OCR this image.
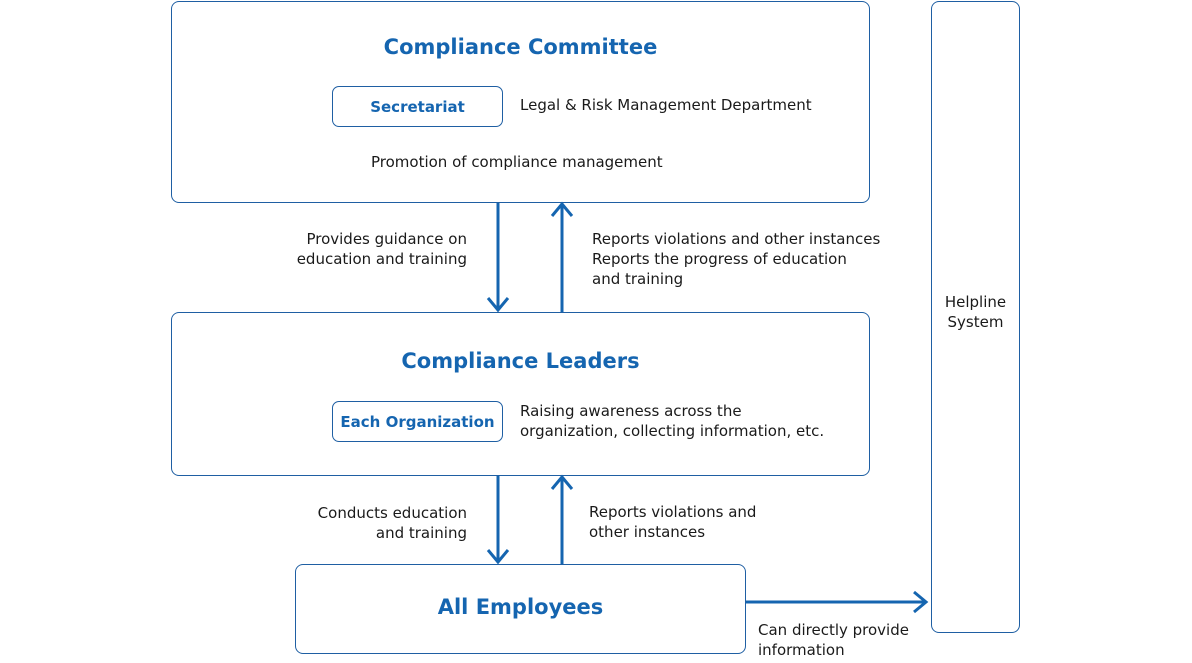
Compliance Committee
Secretariat	Legal & Risk Management Department
Promotion of compliance management
Compliance Leaders
Each Organization
Raising awareness across the
organization, collecting information, etc.
All Employees
Helpline
System
Provides guidance on
education and training
Reports violations and other instances
Reports the progress of education
and training
Conducts education
and training
Reports violations and
other instances
Can directly provide
information
